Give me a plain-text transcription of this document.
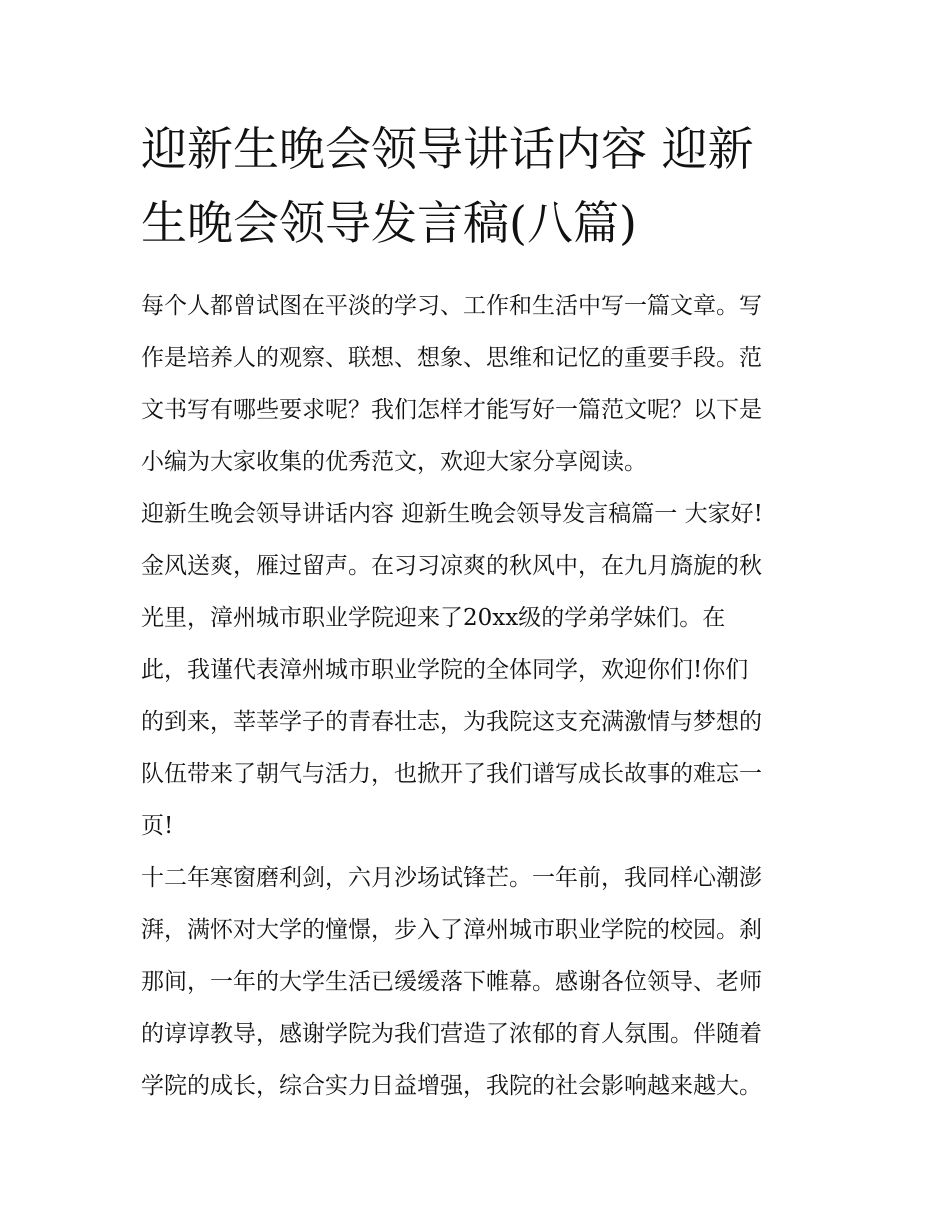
迎新生晚会领导讲话内容 迎新
生晚会领导发言稿(八篇)
每个人都曾试图在平淡的学习、工作和生活中写一篇文章。写
作是培养人的观察、联想、想象、思维和记忆的重要手段。范
文书写有哪些要求呢？我们怎样才能写好一篇范文呢？以下是
小编为大家收集的优秀范文，欢迎大家分享阅读。
迎新生晚会领导讲话内容 迎新生晚会领导发言稿篇一 大家好!
金风送爽，雁过留声。在习习凉爽的秋风中，在九月旖旎的秋
光里，漳州城市职业学院迎来了20xx级的学弟学妹们。在
此，我谨代表漳州城市职业学院的全体同学，欢迎你们!你们
的到来，莘莘学子的青春壮志，为我院这支充满激情与梦想的
队伍带来了朝气与活力，也掀开了我们谱写成长故事的难忘一
页!
十二年寒窗磨利剑，六月沙场试锋芒。一年前，我同样心潮澎
湃，满怀对大学的憧憬，步入了漳州城市职业学院的校园。刹
那间，一年的大学生活已缓缓落下帷幕。感谢各位领导、老师
的谆谆教导，感谢学院为我们营造了浓郁的育人氛围。伴随着
学院的成长，综合实力日益增强，我院的社会影响越来越大。
